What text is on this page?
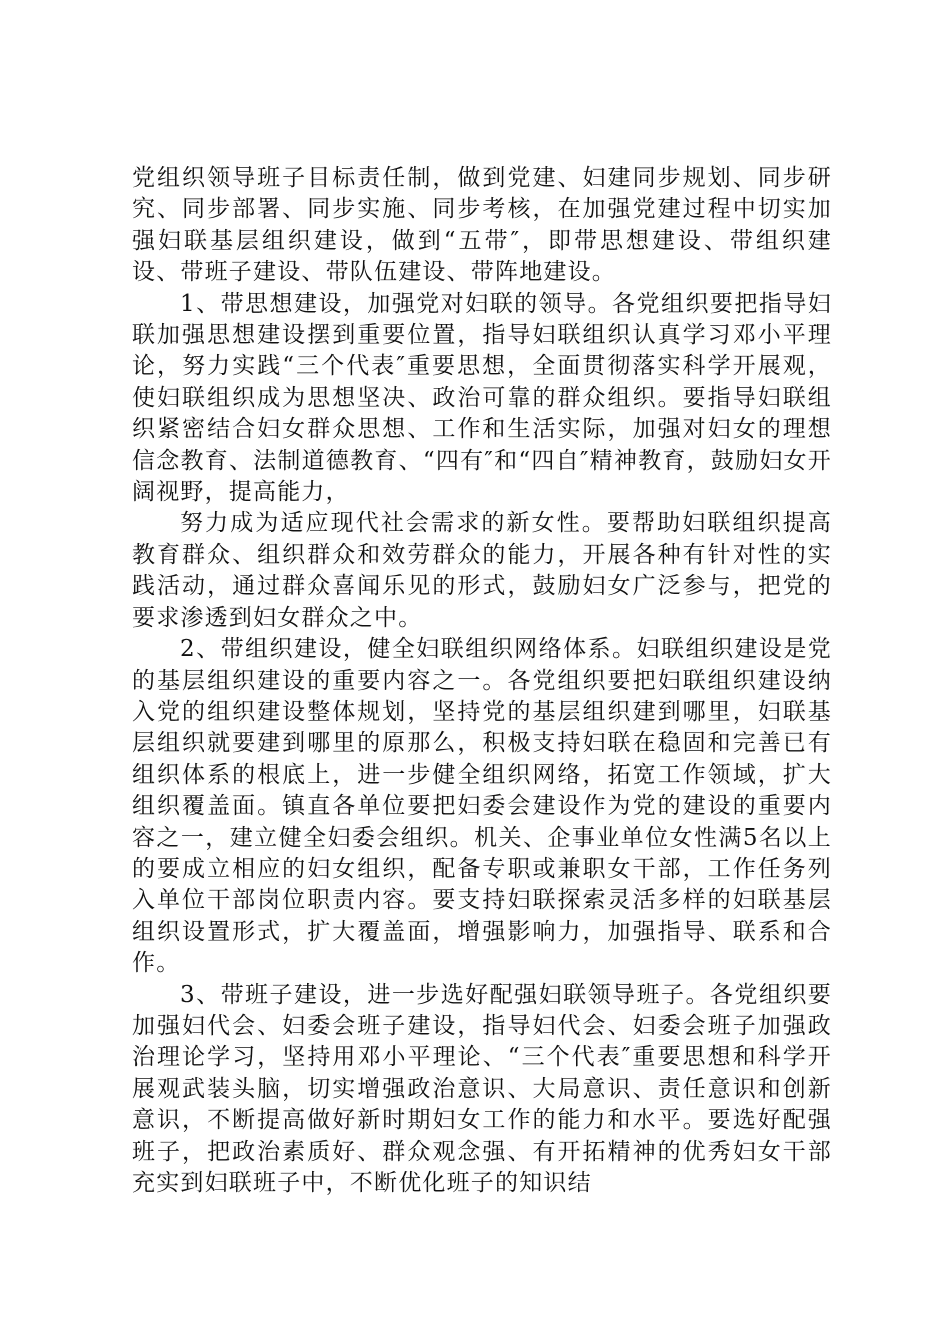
党组织领导班子目标责任制，做到党建、妇建同步规划、同步研究、同步部署、同步实施、同步考核，在加强党建过程中切实加强妇联基层组织建设，做到“五带″，即带思想建设、带组织建设、带班子建设、带队伍建设、带阵地建设。

1、带思想建设，加强党对妇联的领导。各党组织要把指导妇联加强思想建设摆到重要位置，指导妇联组织认真学习邓小平理论，努力实践“三个代表″重要思想，全面贯彻落实科学开展观，使妇联组织成为思想坚决、政治可靠的群众组织。要指导妇联组织紧密结合妇女群众思想、工作和生活实际，加强对妇女的理想信念教育、法制道德教育、“四有″和“四自″精神教育，鼓励妇女开阔视野，提高能力，

努力成为适应现代社会需求的新女性。要帮助妇联组织提高教育群众、组织群众和效劳群众的能力，开展各种有针对性的实践活动，通过群众喜闻乐见的形式，鼓励妇女广泛参与，把党的要求渗透到妇女群众之中。

2、带组织建设，健全妇联组织网络体系。妇联组织建设是党的基层组织建设的重要内容之一。各党组织要把妇联组织建设纳入党的组织建设整体规划，坚持党的基层组织建到哪里，妇联基层组织就要建到哪里的原那么，积极支持妇联在稳固和完善已有组织体系的根底上，进一步健全组织网络，拓宽工作领域，扩大组织覆盖面。镇直各单位要把妇委会建设作为党的建设的重要内容之一，建立健全妇委会组织。机关、企事业单位女性满5名以上的要成立相应的妇女组织，配备专职或兼职女干部，工作任务列入单位干部岗位职责内容。要支持妇联探索灵活多样的妇联基层组织设置形式，扩大覆盖面，增强影响力，加强指导、联系和合作。

3、带班子建设，进一步选好配强妇联领导班子。各党组织要加强妇代会、妇委会班子建设，指导妇代会、妇委会班子加强政治理论学习，坚持用邓小平理论、“三个代表″重要思想和科学开展观武装头脑，切实增强政治意识、大局意识、责任意识和创新意识，不断提高做好新时期妇女工作的能力和水平。要选好配强班子，把政治素质好、群众观念强、有开拓精神的优秀妇女干部充实到妇联班子中，不断优化班子的知识结
